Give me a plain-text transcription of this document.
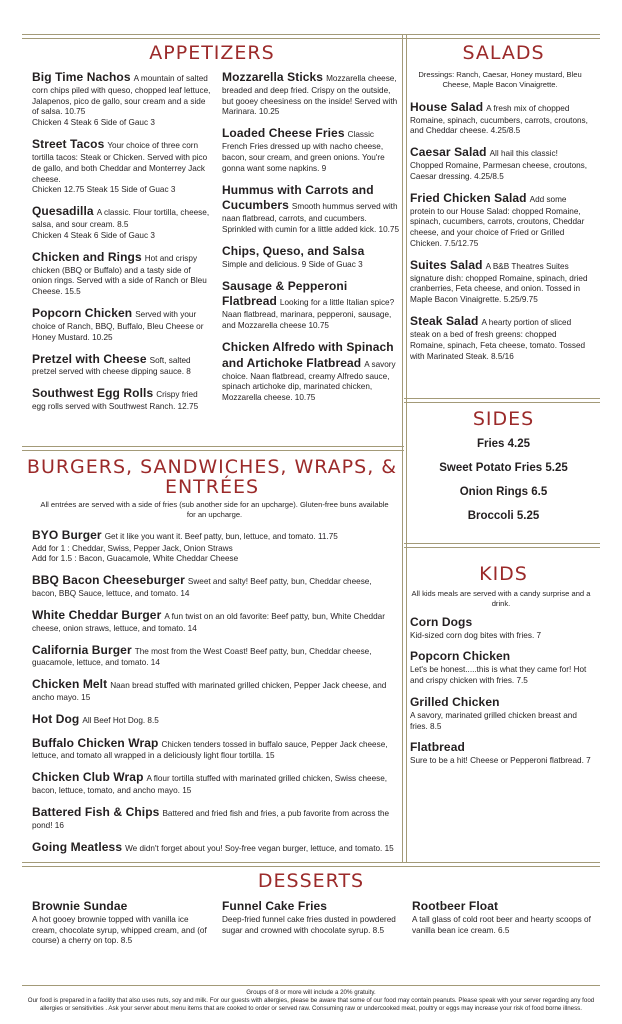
APPETIZERS
Big Time Nachos A mountain of salted corn chips piled with queso, chopped leaf lettuce, Jalapenos, pico de gallo, sour cream and a side of salsa. 10.75
Chicken 4 Steak 6 Side of Gauc 3
Street Tacos Your choice of three corn tortilla tacos: Steak or Chicken. Served with pico de gallo, and both Cheddar and Monterrey Jack cheese.
Chicken 12.75 Steak 15 Side of Guac 3
Quesadilla A classic. Flour tortilla, cheese, salsa, and sour cream. 8.5
Chicken 4 Steak 6 Side of Gauc 3
Chicken and Rings Hot and crispy chicken (BBQ or Buffalo) and a tasty side of onion rings. Served with a side of Ranch or Bleu Cheese. 15.5
Popcorn Chicken Served with your choice of Ranch, BBQ, Buffalo, Bleu Cheese or Honey Mustard. 10.25
Pretzel with Cheese Soft, salted pretzel served with cheese dipping sauce. 8
Southwest Egg Rolls Crispy fried egg rolls served with Southwest Ranch. 12.75
Mozzarella Sticks Mozzarella cheese, breaded and deep fried. Crispy on the outside, but gooey cheesiness on the inside! Served with Marinara. 10.25
Loaded Cheese Fries Classic French Fries dressed up with nacho cheese, bacon, sour cream, and green onions. You're gonna want some napkins. 9
Hummus with Carrots and Cucumbers Smooth hummus served with naan flatbread, carrots, and cucumbers. Sprinkled with cumin for a little added kick. 10.75
Chips, Queso, and Salsa
Simple and delicious. 9 Side of Guac 3
Sausage & Pepperoni Flatbread Looking for a little Italian spice? Naan flatbread, marinara, pepperoni, sausage, and Mozzarella cheese 10.75
Chicken Alfredo with Spinach and Artichoke Flatbread A savory choice. Naan flatbread, creamy Alfredo sauce, spinach artichoke dip, marinated chicken, Mozzarella cheese. 10.75
SALADS
Dressings: Ranch, Caesar, Honey mustard, Bleu Cheese, Maple Bacon Vinaigrette.
House Salad A fresh mix of chopped Romaine, spinach, cucumbers, carrots, croutons, and Cheddar cheese. 4.25/8.5
Caesar Salad All hail this classic! Chopped Romaine, Parmesan cheese, croutons, Caesar dressing. 4.25/8.5
Fried Chicken Salad Add some protein to our House Salad: chopped Romaine, spinach, cucumbers, carrots, croutons, Cheddar cheese, and your choice of Fried or Grilled Chicken. 7.5/12.75
Suites Salad A B&B Theatres Suites signature dish: chopped Romaine, spinach, dried cranberries, Feta cheese, and onion. Tossed in Maple Bacon Vinaigrette. 5.25/9.75
Steak Salad A hearty portion of sliced steak on a bed of fresh greens: chopped Romaine, spinach, Feta cheese, tomato. Tossed with Marinated Steak. 8.5/16
BURGERS, SANDWICHES, WRAPS, &
ENTRÉES
All entrées are served with a side of fries (sub another side for an upcharge). Gluten-free buns available for an upcharge.
BYO Burger Get it like you want it. Beef patty, bun, lettuce, and tomato. 11.75
Add for 1 : Cheddar, Swiss, Pepper Jack, Onion Straws
Add for 1.5 : Bacon, Guacamole, White Cheddar Cheese
BBQ Bacon Cheeseburger Sweet and salty! Beef patty, bun, Cheddar cheese, bacon, BBQ Sauce, lettuce, and tomato. 14
White Cheddar Burger A fun twist on an old favorite: Beef patty, bun, White Cheddar cheese, onion straws, lettuce, and tomato. 14
California Burger The most from the West Coast! Beef patty, bun, Cheddar cheese, guacamole, lettuce, and tomato. 14
Chicken Melt Naan bread stuffed with marinated grilled chicken, Pepper Jack cheese, and ancho mayo. 15
Hot Dog All Beef Hot Dog. 8.5
Buffalo Chicken Wrap Chicken tenders tossed in buffalo sauce, Pepper Jack cheese, lettuce, and tomato all wrapped in a deliciously light flour tortilla. 15
Chicken Club Wrap A flour tortilla stuffed with marinated grilled chicken, Swiss cheese, bacon, lettuce, tomato, and ancho mayo. 15
Battered Fish & Chips Battered and fried fish and fries, a pub favorite from across the pond! 16
Going Meatless We didn't forget about you! Soy-free vegan burger, lettuce, and tomato. 15
SIDES
Fries 4.25
Sweet Potato Fries 5.25
Onion Rings 6.5
Broccoli 5.25
KIDS
All kids meals are served with a candy surprise and a drink.
Corn Dogs
Kid-sized corn dog bites with fries. 7
Popcorn Chicken
Let's be honest.....this is what they came for! Hot and crispy chicken with fries. 7.5
Grilled Chicken
A savory, marinated grilled chicken breast and fries. 8.5
Flatbread
Sure to be a hit! Cheese or Pepperoni flatbread. 7
DESSERTS
Brownie Sundae
A hot gooey brownie topped with vanilla ice cream, chocolate syrup, whipped cream, and (of course) a cherry on top. 8.5
Funnel Cake Fries
Deep-fried funnel cake fries dusted in powdered sugar and crowned with chocolate syrup. 8.5
Rootbeer Float
A tall glass of cold root beer and hearty scoops of vanilla bean ice cream. 6.5
Groups of 8 or more will include a 20% gratuity.
Our food is prepared in a facility that also uses nuts, soy and milk. For our guests with allergies, please be aware that some of our food may contain peanuts. Please speak with your server regarding any food allergies or sensitivities . Ask your server about menu items that are cooked to order or served raw. Consuming raw or undercooked meat, poultry or eggs may increase your risk of food borne illness.
